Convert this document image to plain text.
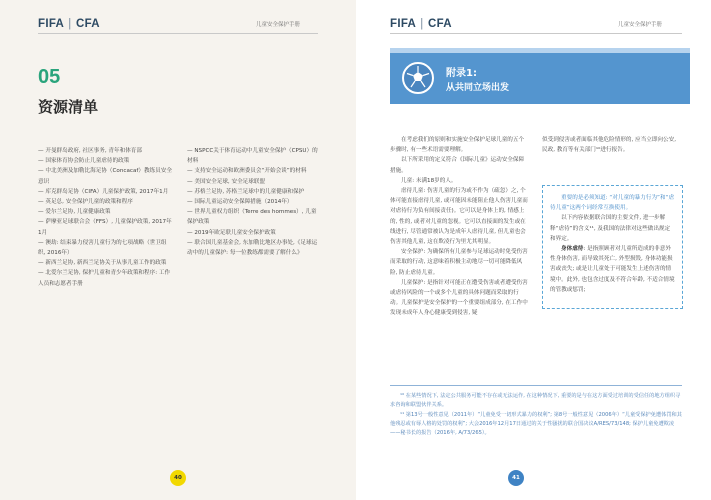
FIFA | CFA	儿童安全保护手册
05
资源清单

— 开曼群岛政府, 社区事务, 青年和体育部

— 国家体育协会防止儿童虐待的政策

— 中北美洲及加勒比海足协（Concacaf）教练员安全意识

— 库克群岛足协（CIFA）儿童保护政策, 2017年1月

— 英足总, 安全保护儿童的政策和程序

— 爱尔兰足协, 儿童健康政策

— 萨摩亚足球联合会（FFS）, 儿童保护政策, 2017年1月

— 澳劫: 结束暴力侵害儿童行为的七项战略（世卫组织, 2016年）

— 新西兰足协, 新西兰足协关于从事儿童工作的政策

— 北爱尔兰足协, 保护儿童和青少年政策和程序: 工作人员和志愿者手册

— NSPCC关于体育运动中儿童安全保护（CPSU）的材料

— 支持安全运动和欧洲委员会“开始会谈”的材料

— 美国安全足球, 安全足球联盟

— 苏格兰足协, 苏格兰足球中的儿童健康和保护

— 国际儿童运动安全保障措施（2014年）

— 世界儿童权力组织（Terre des hommes）, 儿童保护政策

— 2019年欧足联儿童安全保护政策

— 联合国儿童基金会, 东加勒比地区办事处,《足球运动中的儿童保护: 每一位教练都需要了解什么》

40
FIFA | CFA	儿童安全保护手册
附录1:
从共同立场出发

在考虑我们的原则和实施安全保护足球儿童的五个步骤时, 有一些术语需要理解。

以下所采用的定义符合《国际儿童》运动安全保障措施。

儿童: 未满18岁的人。

虐待儿童: 伤害儿童的行为或不作为（疏忽）之, 个体可能直接虐待儿童, 或可能因未能阻止他人伤害儿童而对虐待行为负有间接责任)。它可以是身体上的, 情感上的, 性的, 或者对儿童的忽视。它可以直接面的发生或在线进行, 尽管通常被认为是成年人虐待儿童, 但儿童也会伤害其他儿童, 这在欺凌行为里尤其明显。

安全保护: 为确保所有儿童参与足球运动时免受伤害而采取的行动, 这意味着积极主动地尽一切可能降低风险, 防止虐待儿童。

儿童保护: 是指针对可能正在遭受伤害或者遭受伤害或虐待风险的一个或多个儿童的具体问题而采取的行动。儿童保护是安全保护的一个重要组成部分, 在工作中发现未成年人身心健康受到侵害, 疑

似受到侵害或者面临其他危险情形的, 应当立即向公安, 民政, 教育等有关部门¹⁰进行报告。

重要的是必须知道: “对儿童的暴力行为”和“虐待儿童”这两个词经常互换使用。

以下内容依据联合国的主要文件, 进一步解释“虐待”的含义¹¹, 及我国的法律对这些做出规定和界定。

身体虐待: 是指照顾者对儿童所造成的非意外性身体伤害, 而导致其死亡, 外型损毁, 身体功能损害或丧失; 或是让儿童处于可能发生上述伤害的情境中。此外, 也包含过度及不符合年龄, 不适合情境的管教或惩罚;

¹⁰ 在某些情况下, 法定公共服务可能不存在或无法运作, 在这种情况下, 重要的是与在这方面受过培训的受信任的地方组织寻求咨询和联盟伙伴关系。

¹¹ 第13号一般性意见（2011年）“儿童免受一切形式暴力的权利”; 第8号一般性意见（2006年）“儿童受保护免遭体罚和其他残忍或有辱人格的处罚的权利”; 大会2016年12月17日通过的关于性骚扰的联合国决议A/RES/73/148; 保护儿童免遭欺凌——秘书长的报告（2016年, A/73/265）。

41
